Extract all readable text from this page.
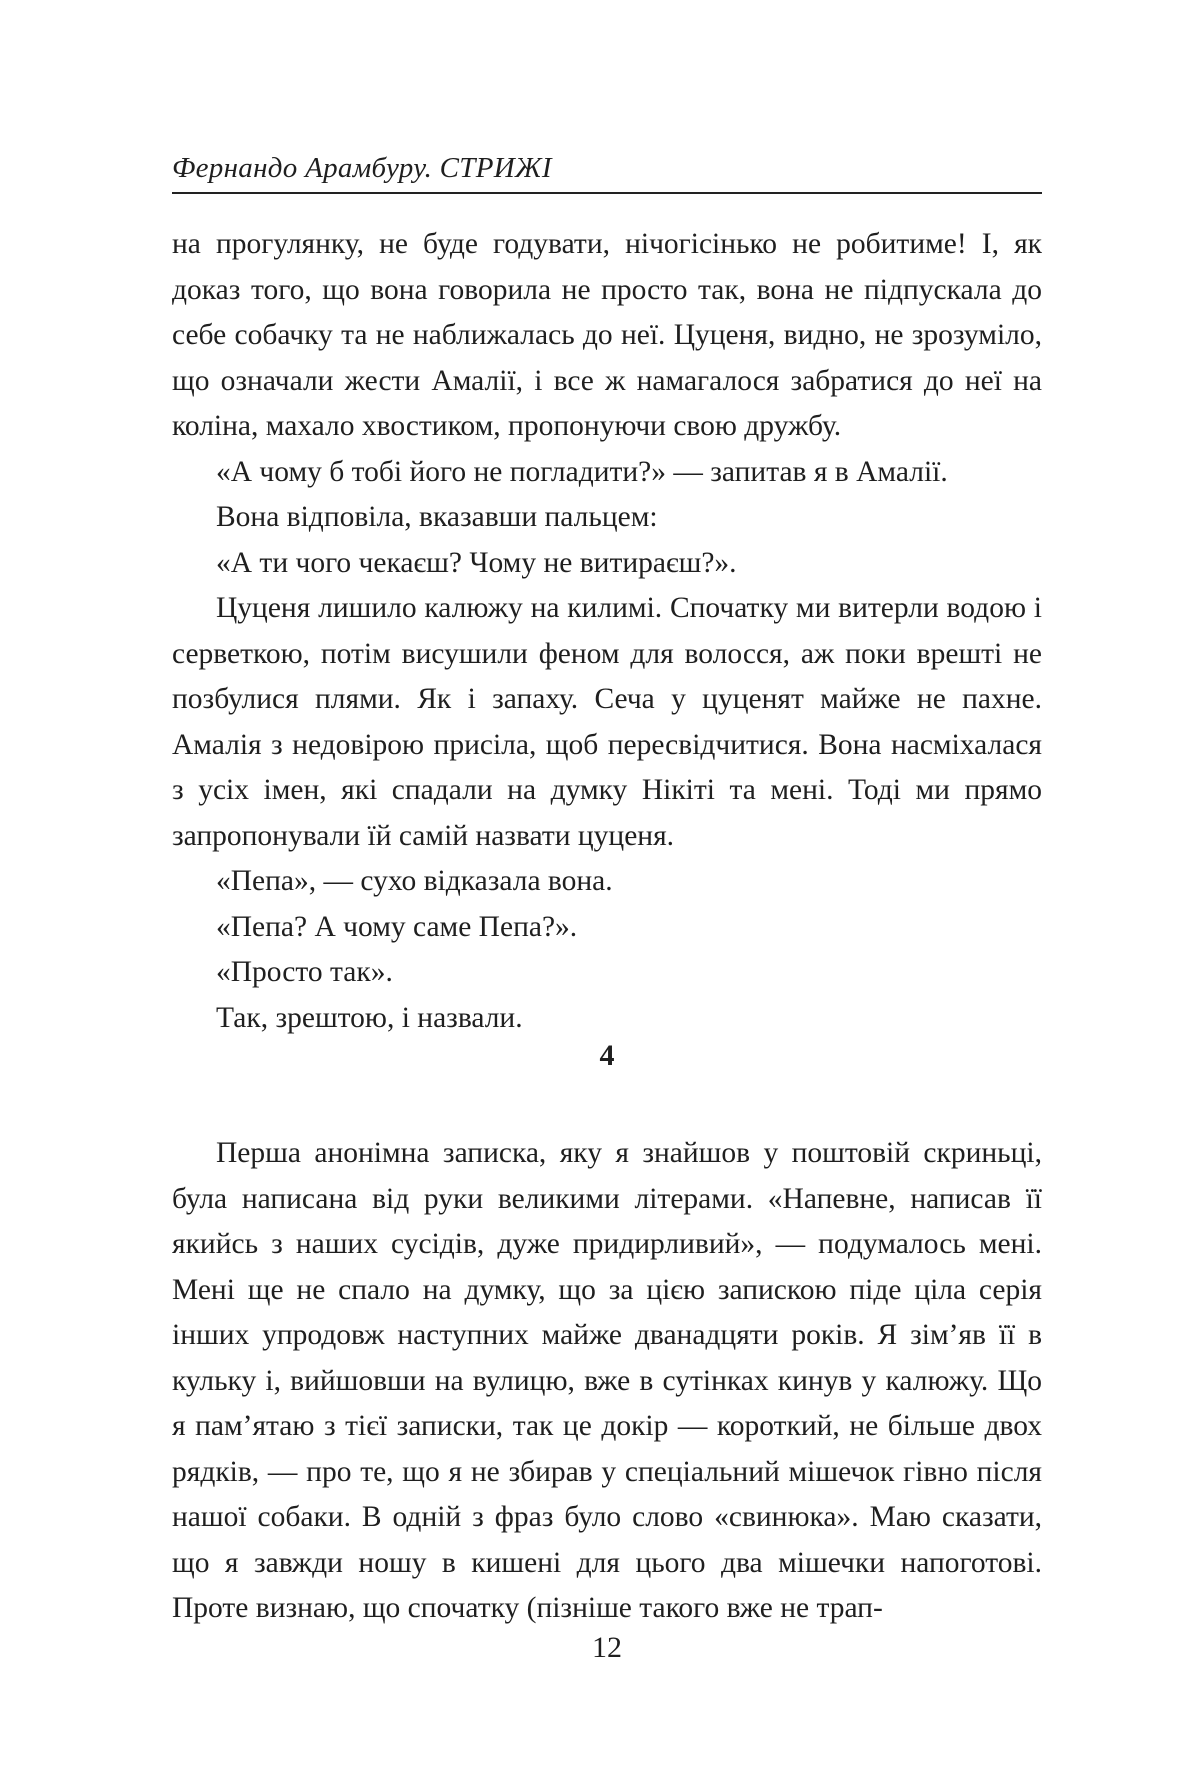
Фернандо Арамбуру. СТРИЖІ

на прогулянку, не буде годувати, нічогісінько не робитиме! І, як доказ того, що вона говорила не просто так, вона не підпускала до себе собачку та не наближалась до неї. Цуценя, видно, не зрозуміло, що означали жести Амалії, і все ж намагалося забратися до неї на коліна, махало хвостиком, пропонуючи свою дружбу.

«А чому б тобі його не погладити?» — запитав я в Амалії.

Вона відповіла, вказавши пальцем:

«А ти чого чекаєш? Чому не витираєш?».

Цуценя лишило калюжу на килимі. Спочатку ми витерли водою і серветкою, потім висушили феном для волосся, аж поки врешті не позбулися плями. Як і запаху. Сеча у цуценят майже не пахне. Амалія з недовірою присіла, щоб пересвідчитися. Вона насміхалася з усіх імен, які спадали на думку Нікіті та мені. Тоді ми прямо запропонували їй самій назвати цуценя.

«Пепа», — сухо відказала вона.

«Пепа? А чому саме Пепа?».

«Просто так».

Так, зрештою, і назвали.

4

Перша анонімна записка, яку я знайшов у поштовій скриньці, була написана від руки великими літерами. «Напевне, написав її якийсь з наших сусідів, дуже придирливий», — подумалось мені. Мені ще не спало на думку, що за цією запискою піде ціла серія інших упродовж наступних майже дванадцяти років. Я зім’яв її в кульку і, вийшовши на вулицю, вже в сутінках кинув у калюжу. Що я пам’ятаю з тієї записки, так це докір — короткий, не більше двох рядків, — про те, що я не збирав у спеціальний мішечок гівно після нашої собаки. В одній з фраз було слово «свинюка». Маю сказати, що я завжди ношу в кишені для цього два мішечки напоготові. Проте визнаю, що спочатку (пізніше такого вже не трап-

12
